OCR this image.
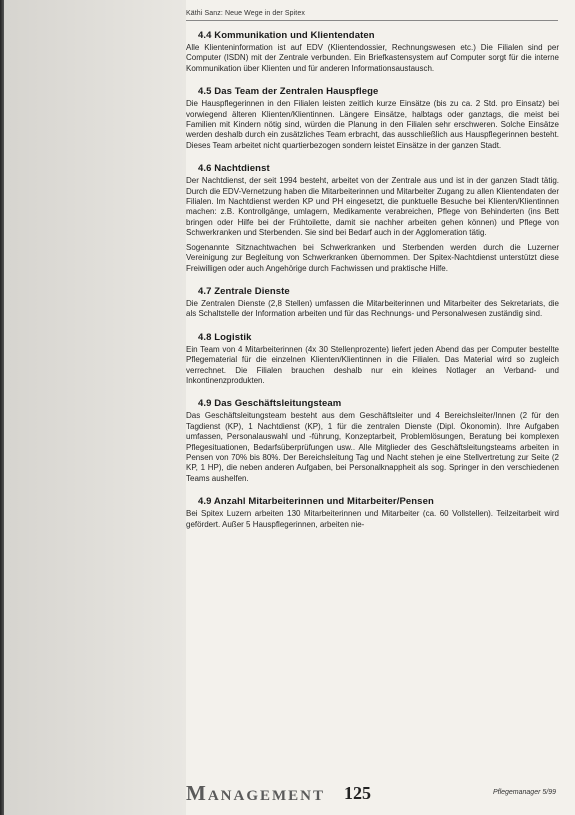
Käthi Sanz: Neue Wege in der Spitex
4.4 Kommunikation und Klientendaten

Alle Klienteninformation ist auf EDV (Klientendossier, Rechnungswesen etc.) Die Filialen sind per Computer (ISDN) mit der Zentrale verbunden. Ein Briefkastensystem auf Computer sorgt für die interne Kommunikation über Klienten und für anderen Informationsaustausch.

4.5 Das Team der Zentralen Hauspflege

Die Hauspflegerinnen in den Filialen leisten zeitlich kurze Einsätze (bis zu ca. 2 Std. pro Einsatz) bei vorwiegend älteren Klienten/Klientinnen. Längere Einsätze, halbtags oder ganztags, die meist bei Familien mit Kindern nötig sind, würden die Planung in den Filialen sehr erschweren. Solche Einsätze werden deshalb durch ein zusätzliches Team erbracht, das ausschließlich aus Hauspflegerinnen besteht. Dieses Team arbeitet nicht quartierbezogen sondern leistet Einsätze in der ganzen Stadt.

4.6 Nachtdienst

Der Nachtdienst, der seit 1994 besteht, arbeitet von der Zentrale aus und ist in der ganzen Stadt tätig. Durch die EDV-Vernetzung haben die Mitarbeiterinnen und Mitarbeiter Zugang zu allen Klientendaten der Filialen. Im Nachtdienst werden KP und PH eingesetzt, die punktuelle Besuche bei Klienten/Klientinnen machen: z.B. Kontrollgänge, umlagern, Medikamente verabreichen, Pflege von Behinderten (ins Bett bringen oder Hilfe bei der Frühtoilette, damit sie nachher arbeiten gehen können) und Pflege von Schwerkranken und Sterbenden. Sie sind bei Bedarf auch in der Agglomeration tätig.

Sogenannte Sitznachtwachen bei Schwerkranken und Sterbenden werden durch die Luzerner Vereinigung zur Begleitung von Schwerkranken übernommen. Der Spitex-Nachtdienst unterstützt diese Freiwilligen oder auch Angehörige durch Fachwissen und praktische Hilfe.

4.7 Zentrale Dienste

Die Zentralen Dienste (2,8 Stellen) umfassen die Mitarbeiterinnen und Mitarbeiter des Sekretariats, die als Schaltstelle der Information arbeiten und für das Rechnungs- und Personalwesen zuständig sind.

4.8 Logistik

Ein Team von 4 Mitarbeiterinnen (4x 30 Stellenprozente) liefert jeden Abend das per Computer bestellte Pflegematerial für die einzelnen Klienten/Klientinnen in die Filialen. Das Material wird so zugleich verrechnet. Die Filialen brauchen deshalb nur ein kleines Notlager an Verband- und Inkontinenzprodukten.

4.9 Das Geschäftsleitungsteam

Das Geschäftsleitungsteam besteht aus dem Geschäftsleiter und 4 Bereichsleiter/Innen (2 für den Tagdienst (KP), 1 Nachtdienst (KP), 1 für die zentralen Dienste (Dipl. Ökonomin). Ihre Aufgaben umfassen, Personalauswahl und -führung, Konzeptarbeit, Problemlösungen, Beratung bei komplexen Pflegesituationen, Bedarfsüberprüfungen usw.. Alle Mitglieder des Geschäftsleitungsteams arbeiten in Pensen von 70% bis 80%. Der Bereichsleitung Tag und Nacht stehen je eine Stellvertretung zur Seite (2 KP, 1 HP), die neben anderen Aufgaben, bei Personalknappheit als sog. Springer in den verschiedenen Teams aushelfen.

4.9 Anzahl Mitarbeiterinnen und Mitarbeiter/Pensen

Bei Spitex Luzern arbeiten 130 Mitarbeiterinnen und Mitarbeiter (ca. 60 Vollstellen). Teilzeitarbeit wird gefördert. Außer 5 Hauspflegerinnen, arbeiten nie-

Management 125	Pflegemanager 5/99
